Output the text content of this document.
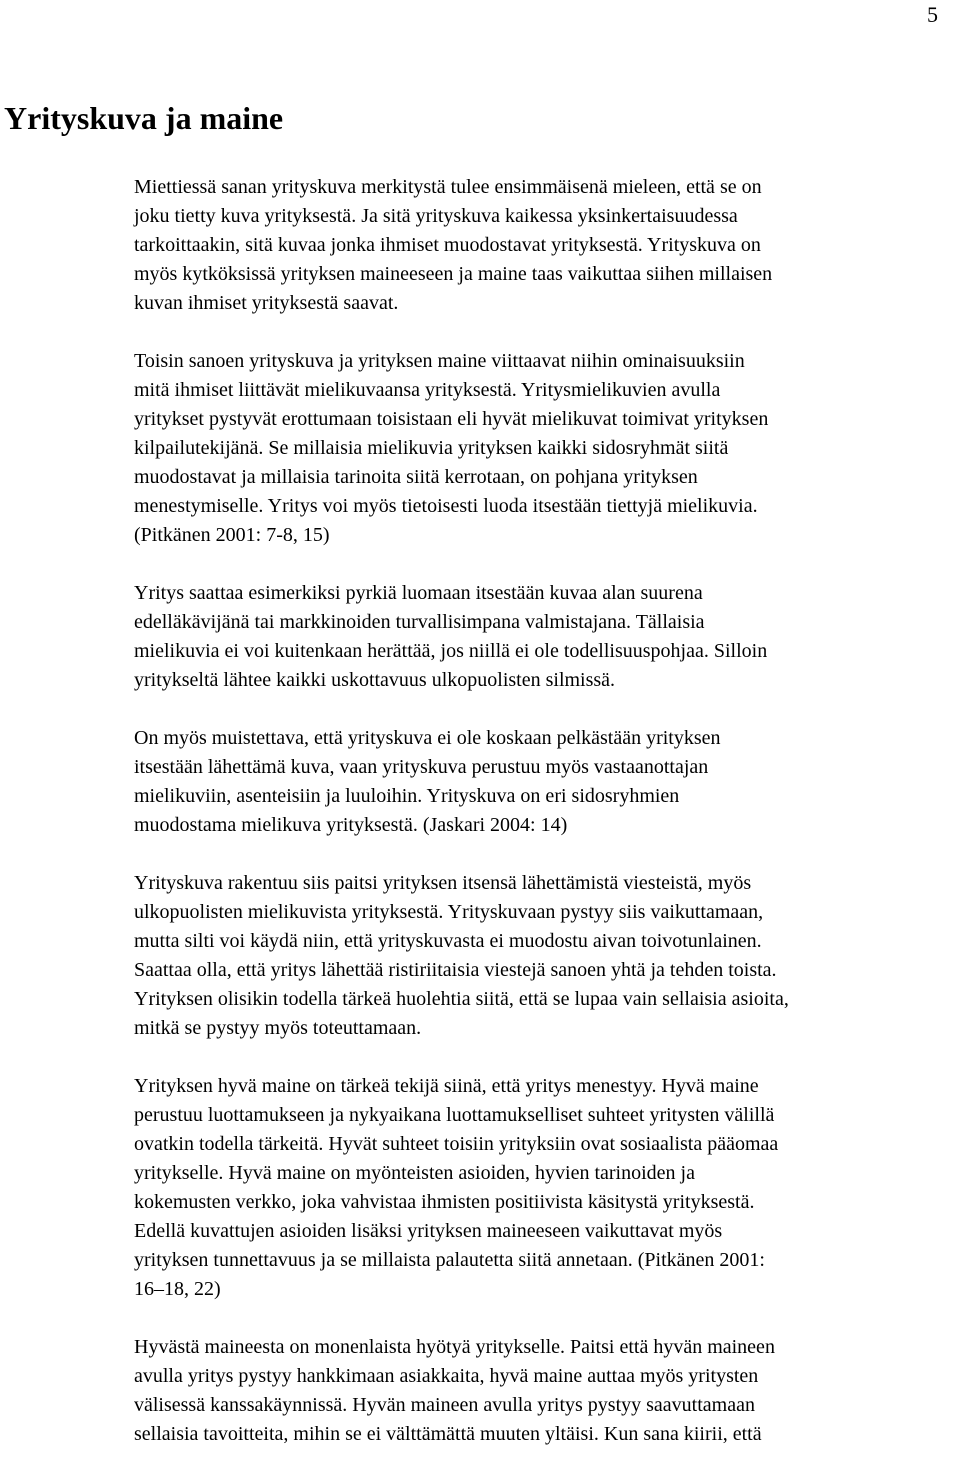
5
Yrityskuva ja maine

Miettiessä sanan yrityskuva merkitystä tulee ensimmäisenä mieleen, että se on
joku tietty kuva yrityksestä. Ja sitä yrityskuva kaikessa yksinkertaisuudessa
tarkoittaakin, sitä kuvaa jonka ihmiset muodostavat yrityksestä. Yrityskuva on
myös kytköksissä yrityksen maineeseen ja maine taas vaikuttaa siihen millaisen
kuvan ihmiset yrityksestä saavat.

Toisin sanoen yrityskuva ja yrityksen maine viittaavat niihin ominaisuuksiin
mitä ihmiset liittävät mielikuvaansa yrityksestä. Yritysmielikuvien avulla
yritykset pystyvät erottumaan toisistaan eli hyvät mielikuvat toimivat yrityksen
kilpailutekijänä. Se millaisia mielikuvia yrityksen kaikki sidosryhmät siitä
muodostavat ja millaisia tarinoita siitä kerrotaan, on pohjana yrityksen
menestymiselle. Yritys voi myös tietoisesti luoda itsestään tiettyjä mielikuvia.
(Pitkänen 2001: 7-8, 15)

Yritys saattaa esimerkiksi pyrkiä luomaan itsestään kuvaa alan suurena
edelläkävijänä tai markkinoiden turvallisimpana valmistajana. Tällaisia
mielikuvia ei voi kuitenkaan herättää, jos niillä ei ole todellisuuspohjaa. Silloin
yritykseltä lähtee kaikki uskottavuus ulkopuolisten silmissä.

On myös muistettava, että yrityskuva ei ole koskaan pelkästään yrityksen
itsestään lähettämä kuva, vaan yrityskuva perustuu myös vastaanottajan
mielikuviin, asenteisiin ja luuloihin. Yrityskuva on eri sidosryhmien
muodostama mielikuva yrityksestä. (Jaskari 2004: 14)

Yrityskuva rakentuu siis paitsi yrityksen itsensä lähettämistä viesteistä, myös
ulkopuolisten mielikuvista yrityksestä. Yrityskuvaan pystyy siis vaikuttamaan,
mutta silti voi käydä niin, että yrityskuvasta ei muodostu aivan toivotunlainen.
Saattaa olla, että yritys lähettää ristiriitaisia viestejä sanoen yhtä ja tehden toista.
Yrityksen olisikin todella tärkeä huolehtia siitä, että se lupaa vain sellaisia asioita,
mitkä se pystyy myös toteuttamaan.

Yrityksen hyvä maine on tärkeä tekijä siinä, että yritys menestyy. Hyvä maine
perustuu luottamukseen ja nykyaikana luottamukselliset suhteet yritysten välillä
ovatkin todella tärkeitä. Hyvät suhteet toisiin yrityksiin ovat sosiaalista pääomaa
yritykselle. Hyvä maine on myönteisten asioiden, hyvien tarinoiden ja
kokemusten verkko, joka vahvistaa ihmisten positiivista käsitystä yrityksestä.
Edellä kuvattujen asioiden lisäksi yrityksen maineeseen vaikuttavat myös
yrityksen tunnettavuus ja se millaista palautetta siitä annetaan. (Pitkänen 2001:
16–18, 22)

Hyvästä maineesta on monenlaista hyötyä yritykselle. Paitsi että hyvän maineen
avulla yritys pystyy hankkimaan asiakkaita, hyvä maine auttaa myös yritysten
välisessä kanssakäynnissä. Hyvän maineen avulla yritys pystyy saavuttamaan
sellaisia tavoitteita, mihin se ei välttämättä muuten yltäisi. Kun sana kiirii, että
